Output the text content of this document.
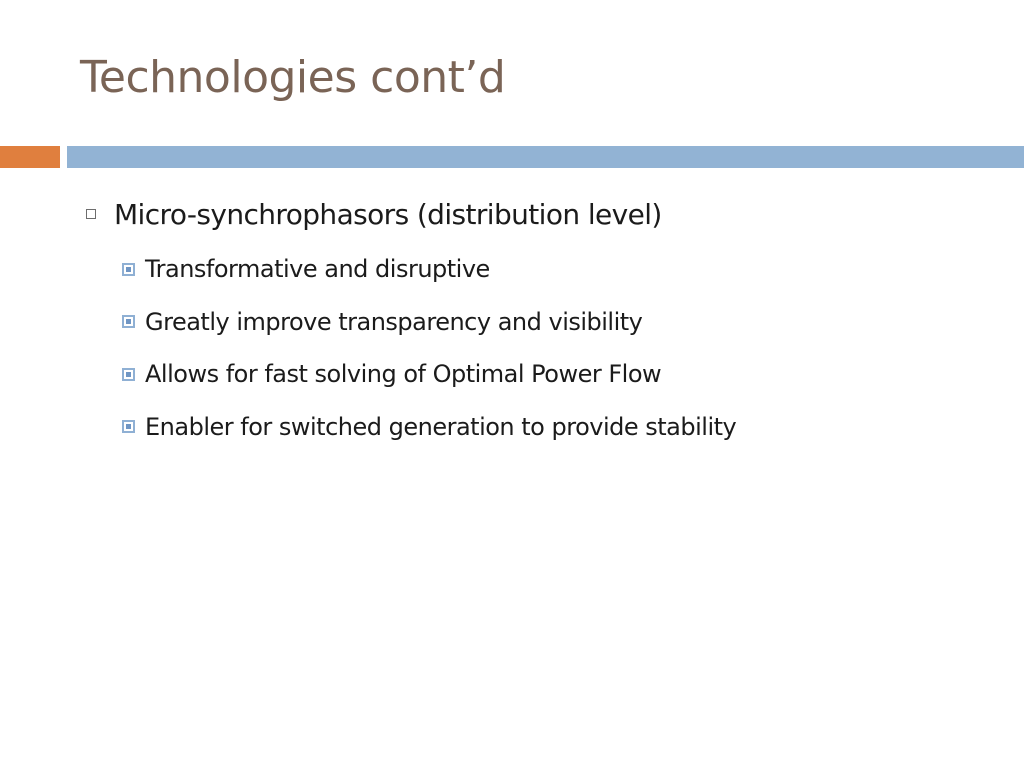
Technologies cont’d
Micro-synchrophasors (distribution level)
Transformative and disruptive
Greatly improve transparency and visibility
Allows for fast solving of Optimal Power Flow
Enabler for switched generation to provide stability
